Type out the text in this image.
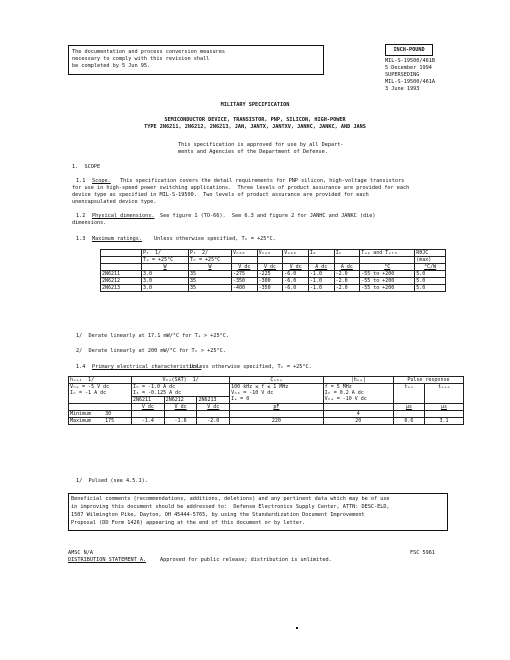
The documentation and process conversion measures
necessary to comply with this revision shall
be completed by 5 Jun 95.
INCH-POUND
MIL-S-19500/461B
5 December 1994
SUPERSEDING
MIL-S-19500/461A
3 June 1993
MILITARY SPECIFICATION
SEMICONDUCTOR DEVICE, TRANSISTOR, PNP, SILICON, HIGH-POWER
TYPE 2N6211, 2N6212, 2N6213, JAN, JANTX, JANTXV, JANHC, JANKC, AND JANS
This specification is approved for use by all Depart-
ments and Agencies of the Department of Defense.
1.  SCOPE
1.1 Scope. This specification covers the detail requirements for PNP silicon, high-voltage transistors
for use in high-speed power switching applications.  Three levels of product assurance are provided for each
device type as specified in MIL-S-19500.  Two levels of product assurance are provided for each
unencapsulated device type.
1.2 Physical dimensions. See figure 1 (TO-66).  See 6.3 and figure 2 for JANHC and JANKC (die)
dimensions.
1.3 Maximum ratings. Unless otherwise specified, Tₕ = +25°C.
	Pₜ  1/	Pₜ  2/	Vₕ₆₀	Vₕₑ₀	Vₑ₆₀	I₆	Iₕ	Tₒₚ and Tₛₜ₆	RθJC
	Tₐ = +25°C	Tₕ = +25°C							(max)
	W	W	V dc	V dc	V dc	A dc	A dc	°C	°C/W
2N6211	3.0	35	-275	-225	-6.0	-1.0	-2.0	-55 to +200	5.0
2N6212	3.0	35	-350	-300	-6.0	-1.0	-2.0	-55 to +200	5.0
2N6213	3.0	35	-400	-350	-6.0	-1.0	-2.0	-55 to +200	5.0
1/  Derate linearly at 17.1 mW/°C for Tₐ > +25°C.
2/  Derate linearly at 200 mW/°C for Tₕ > +25°C.
1.4 Primary electrical characteristics.
Unless otherwise specified, Tₕ = +25°C.
hₒₑ₁  1/	Vₕₑ(SAT)  1/			Cₒ₆ₒ	|hₒₑ|	Pulse response	
Vₕₑ = -5 V dc
Iₕ = -1 A dc	Iₕ = -1.0 A dc
I₆ = -0.125 A dc			100 kHz ≤ f ≤ 1 MHz
Vₕ₆ = -10 V dc
Iₑ = 0	f = 5 MHz
Iₕ = 0.2 A dc
Vₕₑ = -10 V dc	tₒₙ	tₒₒₒ
	2N6211	2N6212	2N6213				
	V dc	V dc	V dc	pF		μs	μs
Minimum 30					4		
Maximum 175	-1.4	-1.6	-2.0	220	20	0.6	3.1
1/  Pulsed (see 4.5.1).
Beneficial comments (recommendations, additions, deletions) and any pertinent data which may be of use
in improving this document should be addressed to:  Defense Electronics Supply Center, ATTN: DESC-ELD,
1507 Wilmington Pike, Dayton, OH 45444-5765, by using the Standardization Document Improvement
Proposal (DD Form 1426) appearing at the end of this document or by letter.
AMSC N/A	FSC 5961
DISTRIBUTION STATEMENT A.	Approved for public release; distribution is unlimited.
